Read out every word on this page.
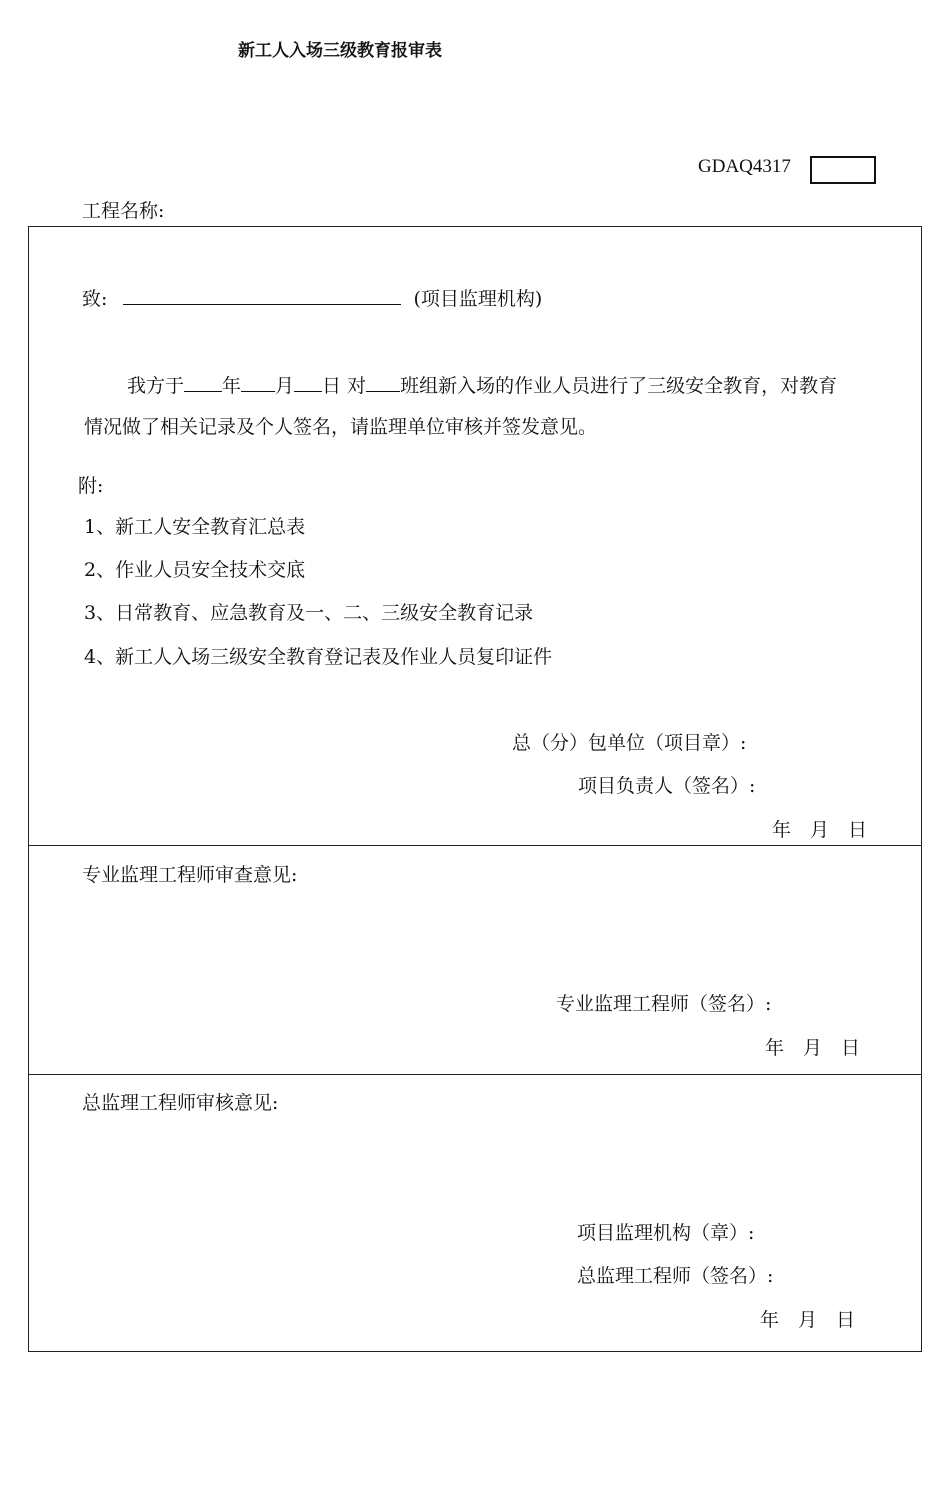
新工人入场三级教育报审表
GDAQ4317
工程名称:
致:	(项目监理机构)
我方于 年 月 日 对 班组新入场的作业人员进行了三级安全教育，对教育
情况做了相关记录及个人签名，请监理单位审核并签发意见。
附:
1、新工人安全教育汇总表
2、作业人员安全技术交底
3、日常教育、应急教育及一、二、三级安全教育记录
4、新工人入场三级安全教育登记表及作业人员复印证件
总（分）包单位（项目章）:
项目负责人（签名）:
年　月　日
专业监理工程师审查意见:
专业监理工程师（签名）:
年　月　日
总监理工程师审核意见:
项目监理机构（章）:
总监理工程师（签名）:
年　月　日
